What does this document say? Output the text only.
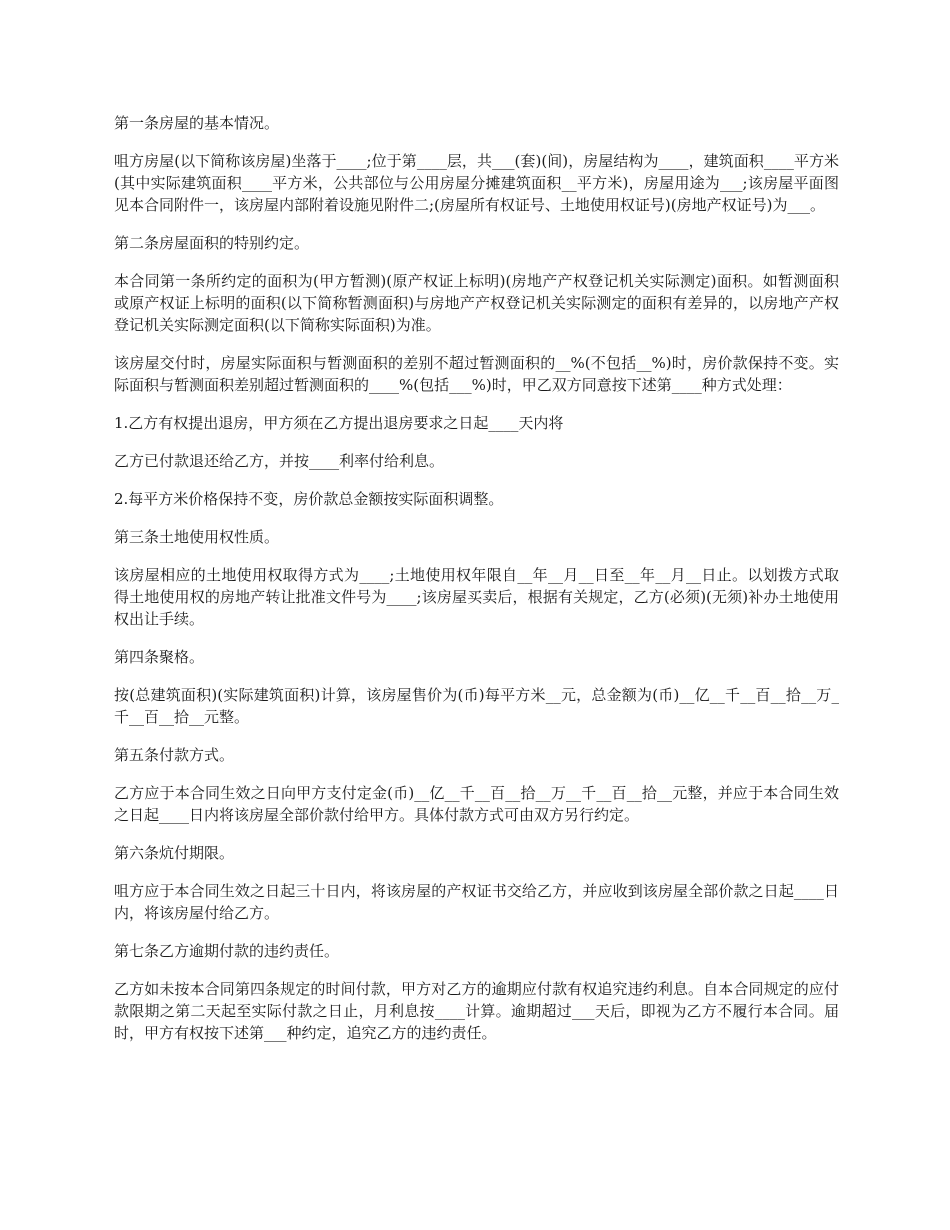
第一条房屋的基本情况。

咀方房屋(以下简称该房屋)坐落于____;位于第____层，共___(套)(间)，房屋结构为____，建筑面积____平方米(其中实际建筑面积____平方米，公共部位与公用房屋分摊建筑面积__平方米)，房屋用途为___;该房屋平面图见本合同附件一，该房屋内部附着设施见附件二;(房屋所有权证号、土地使用权证号)(房地产权证号)为___。

第二条房屋面积的特别约定。

本合同第一条所约定的面积为(甲方暂测)(原产权证上标明)(房地产产权登记机关实际测定)面积。如暂测面积或原产权证上标明的面积(以下简称暂测面积)与房地产产权登记机关实际测定的面积有差异的，以房地产产权登记机关实际测定面积(以下简称实际面积)为准。

该房屋交付时，房屋实际面积与暂测面积的差别不超过暂测面积的__%(不包括__%)时，房价款保持不变。实际面积与暂测面积差别超过暂测面积的____%(包括___%)时，甲乙双方同意按下述第____种方式处理：

1.乙方有权提出退房，甲方须在乙方提出退房要求之日起____天内将

乙方已付款退还给乙方，并按____利率付给利息。

2.每平方米价格保持不变，房价款总金额按实际面积调整。

第三条土地使用权性质。

该房屋相应的土地使用权取得方式为____;土地使用权年限自__年__月__日至__年__月__日止。以划拨方式取得土地使用权的房地产转让批准文件号为____;该房屋买卖后，根据有关规定，乙方(必须)(无须)补办土地使用权出让手续。

第四条聚格。

按(总建筑面积)(实际建筑面积)计算，该房屋售价为(币)每平方米__元，总金额为(币)__亿__千__百__拾__万_千__百__拾__元整。

第五条付款方式。

乙方应于本合同生效之日向甲方支付定金(币)__亿__千__百__拾__万__千__百__拾__元整，并应于本合同生效之日起____日内将该房屋全部价款付给甲方。具体付款方式可由双方另行约定。

第六条炕付期限。

咀方应于本合同生效之日起三十日内，将该房屋的产权证书交给乙方，并应收到该房屋全部价款之日起____日内，将该房屋付给乙方。

第七条乙方逾期付款的违约责任。

乙方如未按本合同第四条规定的时间付款，甲方对乙方的逾期应付款有权追究违约利息。自本合同规定的应付款限期之第二天起至实际付款之日止，月利息按____计算。逾期超过___天后，即视为乙方不履行本合同。届时，甲方有权按下述第___种约定，追究乙方的违约责任。
